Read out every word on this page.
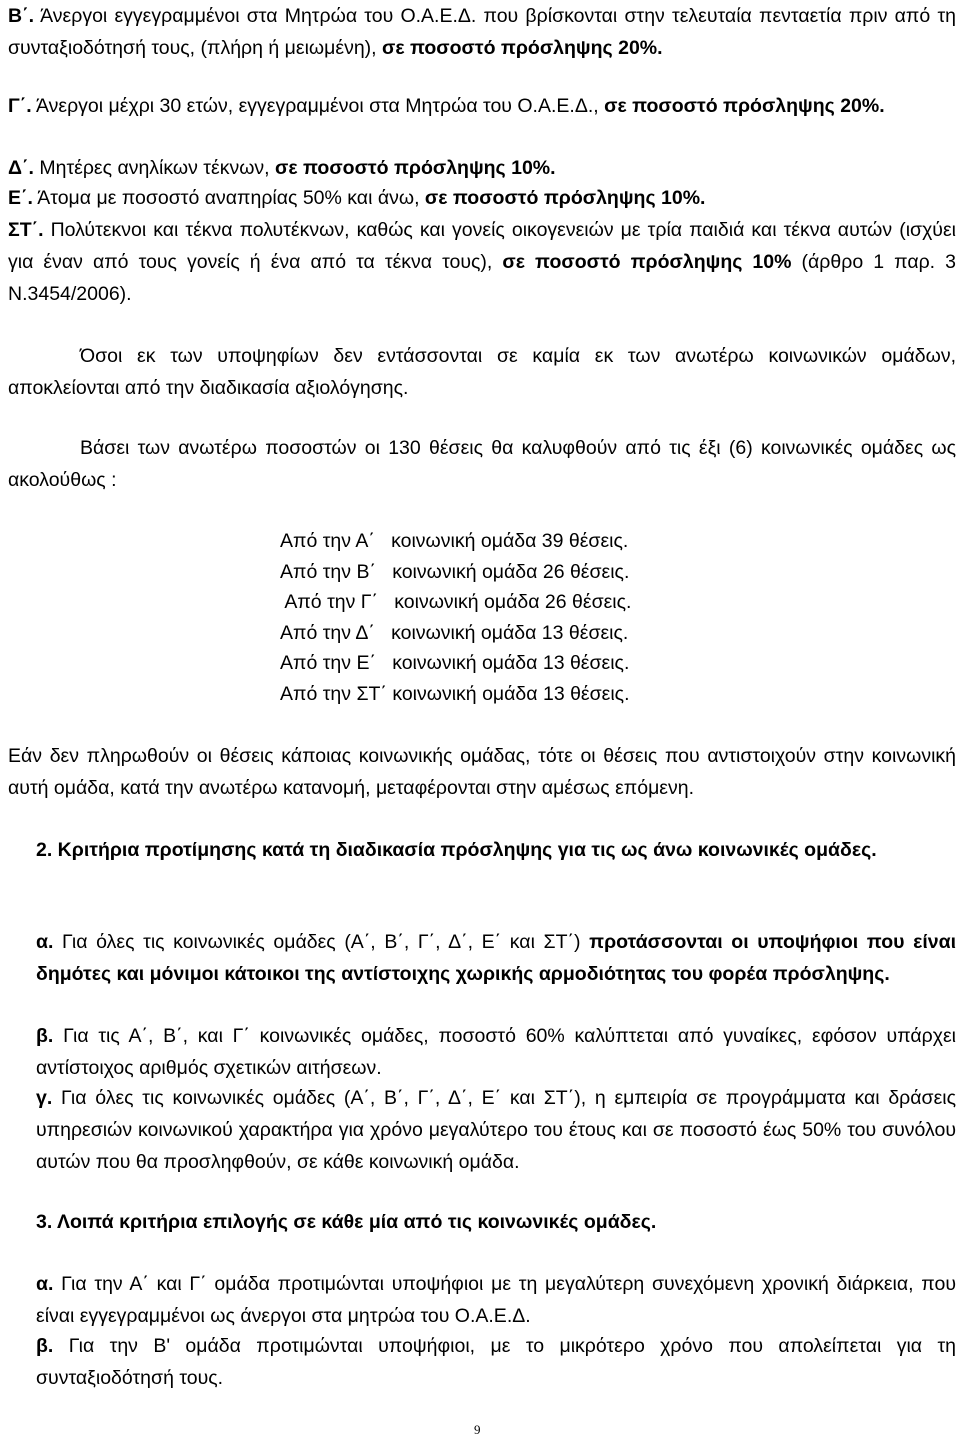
Β΄. Άνεργοι εγγεγραμμένοι στα Μητρώα του Ο.Α.Ε.Δ. που βρίσκονται στην τελευταία πενταετία πριν από τη συνταξιοδότησή τους, (πλήρη ή μειωμένη), σε ποσοστό πρόσληψης 20%.

Γ΄. Άνεργοι μέχρι 30 ετών, εγγεγραμμένοι στα Μητρώα του Ο.Α.Ε.Δ., σε ποσοστό πρόσληψης 20%.

Δ΄. Μητέρες ανηλίκων τέκνων, σε ποσοστό πρόσληψης 10%.

Ε΄. Άτομα με ποσοστό αναπηρίας 50% και άνω, σε ποσοστό πρόσληψης 10%.

ΣΤ΄. Πολύτεκνοι και τέκνα πολυτέκνων, καθώς και γονείς οικογενειών με τρία παιδιά και τέκνα αυτών (ισχύει για έναν από τους γονείς ή ένα από τα τέκνα τους), σε ποσοστό πρόσληψης 10% (άρθρο 1 παρ. 3 Ν.3454/2006).

Όσοι εκ των υποψηφίων δεν εντάσσονται σε καμία εκ των ανωτέρω κοινωνικών ομάδων, αποκλείονται από την διαδικασία αξιολόγησης.

Βάσει των ανωτέρω ποσοστών οι 130 θέσεις θα καλυφθούν από τις έξι (6) κοινωνικές ομάδες ως ακολούθως :

Από την Α΄   κοινωνική ομάδα 39 θέσεις.
Από την Β΄   κοινωνική ομάδα 26 θέσεις.
Από την Γ΄   κοινωνική ομάδα 26 θέσεις.
Από την Δ΄   κοινωνική ομάδα 13 θέσεις.
Από την Ε΄   κοινωνική ομάδα 13 θέσεις.
Από την ΣΤ΄ κοινωνική ομάδα 13 θέσεις.

Εάν δεν πληρωθούν οι θέσεις κάποιας κοινωνικής ομάδας, τότε οι θέσεις που αντιστοιχούν στην κοινωνική αυτή ομάδα, κατά την ανωτέρω κατανομή, μεταφέρονται στην αμέσως επόμενη.

2. Κριτήρια προτίμησης κατά τη διαδικασία πρόσληψης για τις ως άνω κοινωνικές ομάδες.

α. Για όλες τις κοινωνικές ομάδες (Α΄, Β΄, Γ΄, Δ΄, Ε΄ και ΣΤ΄) προτάσσονται οι υποψήφιοι που είναι δημότες και μόνιμοι κάτοικοι της αντίστοιχης χωρικής αρμοδιότητας του φορέα πρόσληψης.

β. Για τις Α΄, Β΄, και Γ΄ κοινωνικές ομάδες, ποσοστό 60% καλύπτεται από γυναίκες, εφόσον υπάρχει αντίστοιχος αριθμός σχετικών αιτήσεων.

γ. Για όλες τις κοινωνικές ομάδες (Α΄, Β΄, Γ΄, Δ΄, Ε΄ και ΣΤ΄), η εμπειρία σε προγράμματα και δράσεις υπηρεσιών κοινωνικού χαρακτήρα για χρόνο μεγαλύτερο του έτους και σε ποσοστό έως 50% του συνόλου αυτών που θα προσληφθούν, σε κάθε κοινωνική ομάδα.

3. Λοιπά κριτήρια επιλογής σε κάθε μία από τις κοινωνικές ομάδες.

α. Για την Α΄ και Γ΄ ομάδα προτιμώνται υποψήφιοι με τη μεγαλύτερη συνεχόμενη χρονική διάρκεια, που είναι εγγεγραμμένοι ως άνεργοι στα μητρώα του Ο.Α.Ε.Δ.

β. Για την Β' ομάδα προτιμώνται υποψήφιοι, με το μικρότερο χρόνο που απολείπεται για τη συνταξιοδότησή τους.

9
